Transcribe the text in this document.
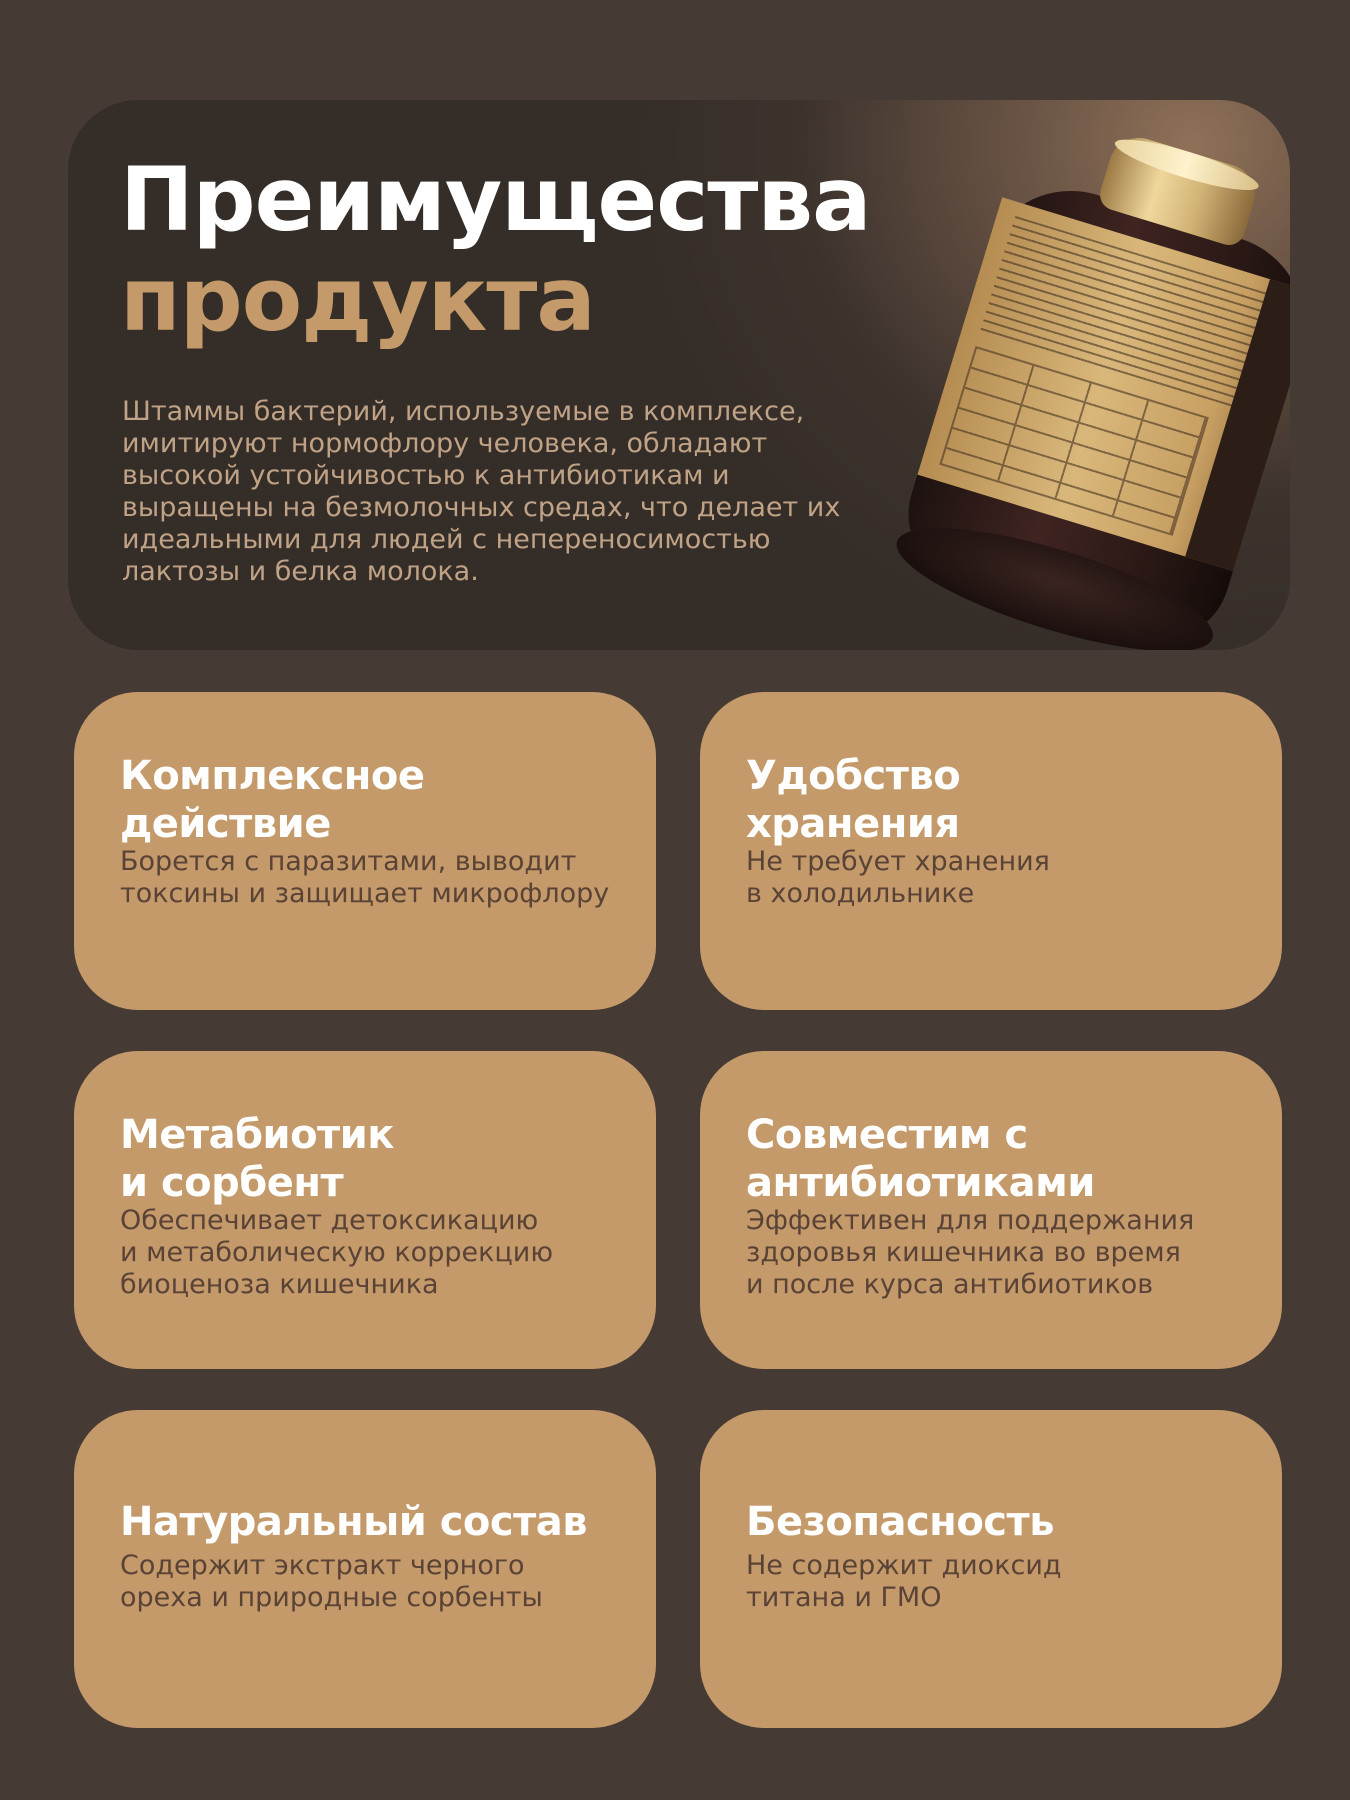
Преимущества
продукта

Штаммы бактерий, используемые в комплексе, имитируют нормофлору человека, обладают высокой устойчивостью к антибиотикам и выращены на безмолочных средах, что делает их идеальными для людей с непереносимостью лактозы и белка молока.

Комплексное
действие

Борется с паразитами, выводит
токсины и защищает микрофлору

Удобство
хранения

Не требует хранения
в холодильнике

Метабиотик
и сорбент

Обеспечивает детоксикацию
и метаболическую коррекцию
биоценоза кишечника

Совместим с
антибиотиками

Эффективен для поддержания
здоровья кишечника во время
и после курса антибиотиков

Натуральный состав

Содержит экстракт черного
ореха и природные сорбенты

Безопасность

Не содержит диоксид
титана и ГМО
